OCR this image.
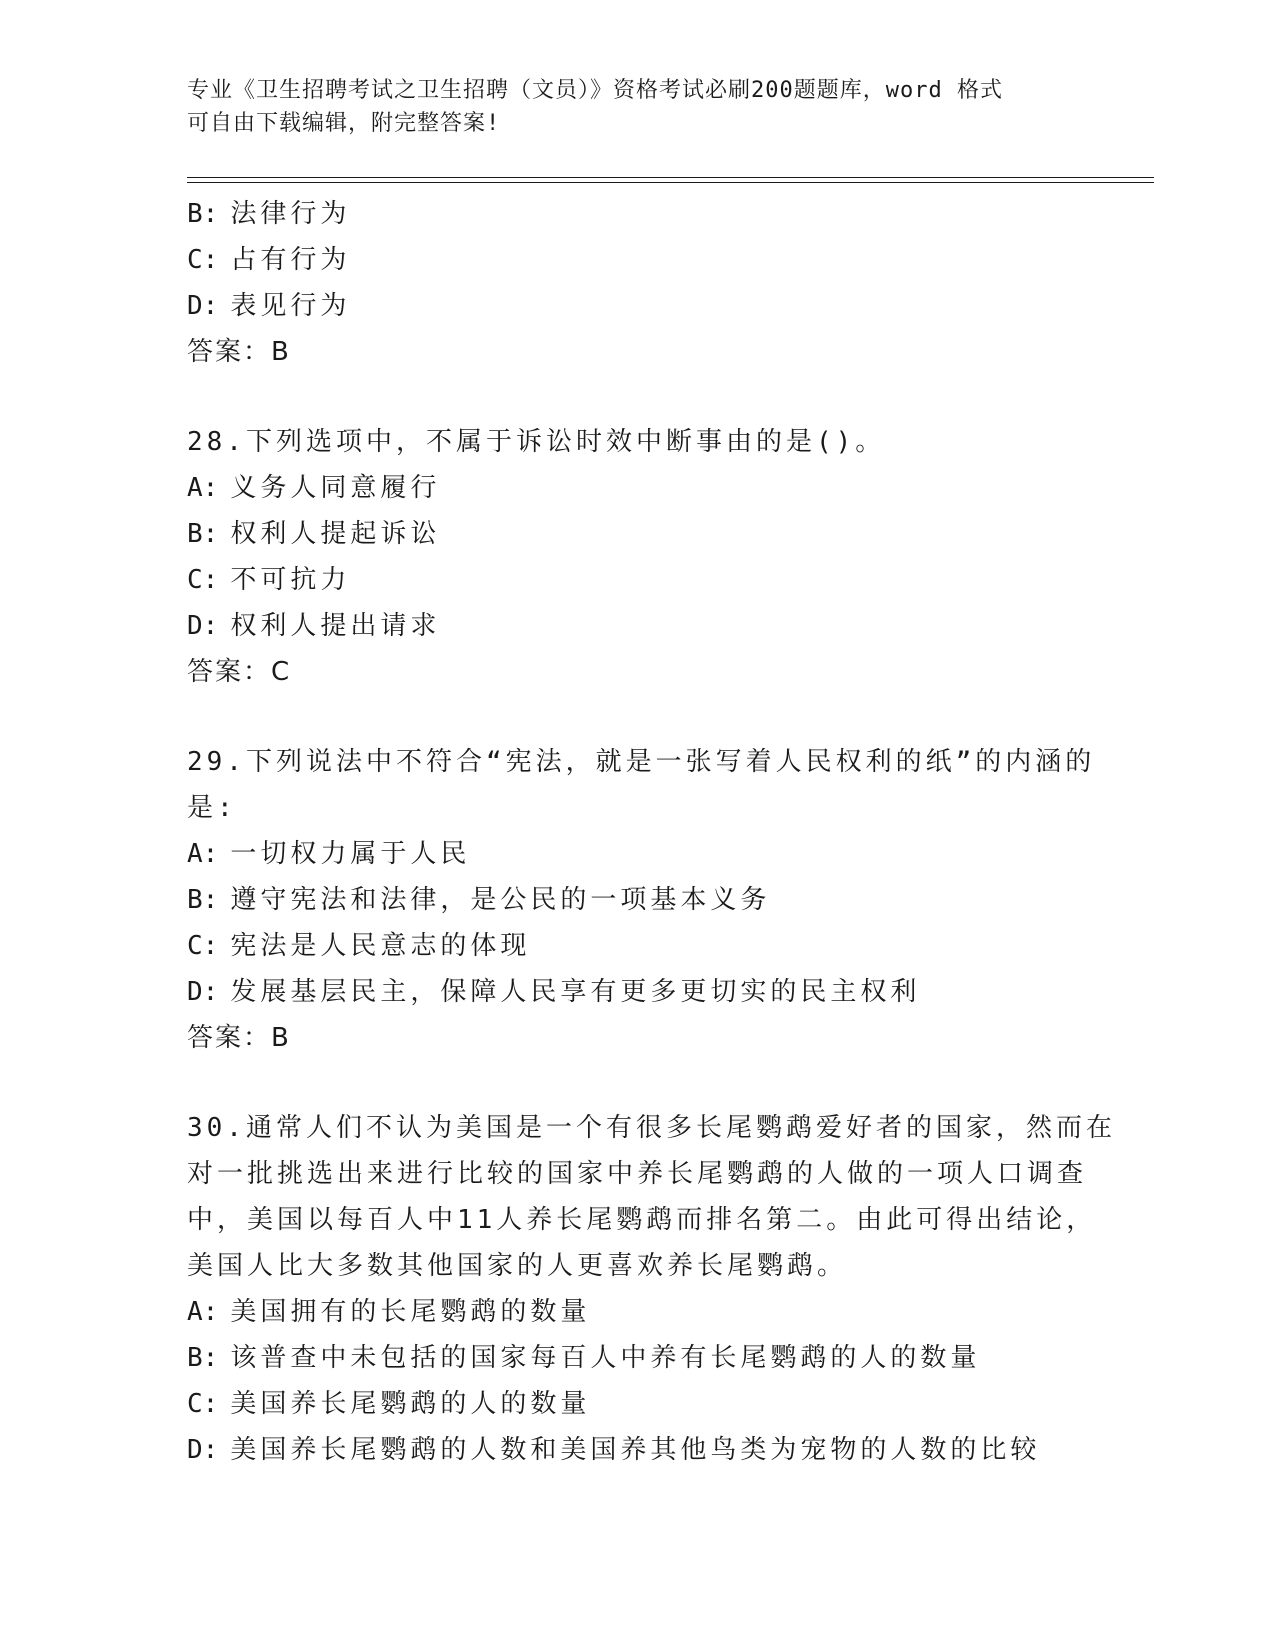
专业《卫生招聘考试之卫生招聘（文员）》资格考试必刷200题题库，word 格式
可自由下载编辑，附完整答案!
B: 法律行为
C: 占有行为
D: 表见行为
答案：B
28.下列选项中，不属于诉讼时效中断事由的是()。
A: 义务人同意履行
B: 权利人提起诉讼
C: 不可抗力
D: 权利人提出请求
答案：C
29.下列说法中不符合“宪法，就是一张写着人民权利的纸”的内涵的
是:
A: 一切权力属于人民
B: 遵守宪法和法律，是公民的一项基本义务
C: 宪法是人民意志的体现
D: 发展基层民主，保障人民享有更多更切实的民主权利
答案：B
30.通常人们不认为美国是一个有很多长尾鹦鹉爱好者的国家，然而在
对一批挑选出来进行比较的国家中养长尾鹦鹉的人做的一项人口调查
中，美国以每百人中11人养长尾鹦鹉而排名第二。由此可得出结论，
美国人比大多数其他国家的人更喜欢养长尾鹦鹉。
A: 美国拥有的长尾鹦鹉的数量
B: 该普查中未包括的国家每百人中养有长尾鹦鹉的人的数量
C: 美国养长尾鹦鹉的人的数量
D: 美国养长尾鹦鹉的人数和美国养其他鸟类为宠物的人数的比较
